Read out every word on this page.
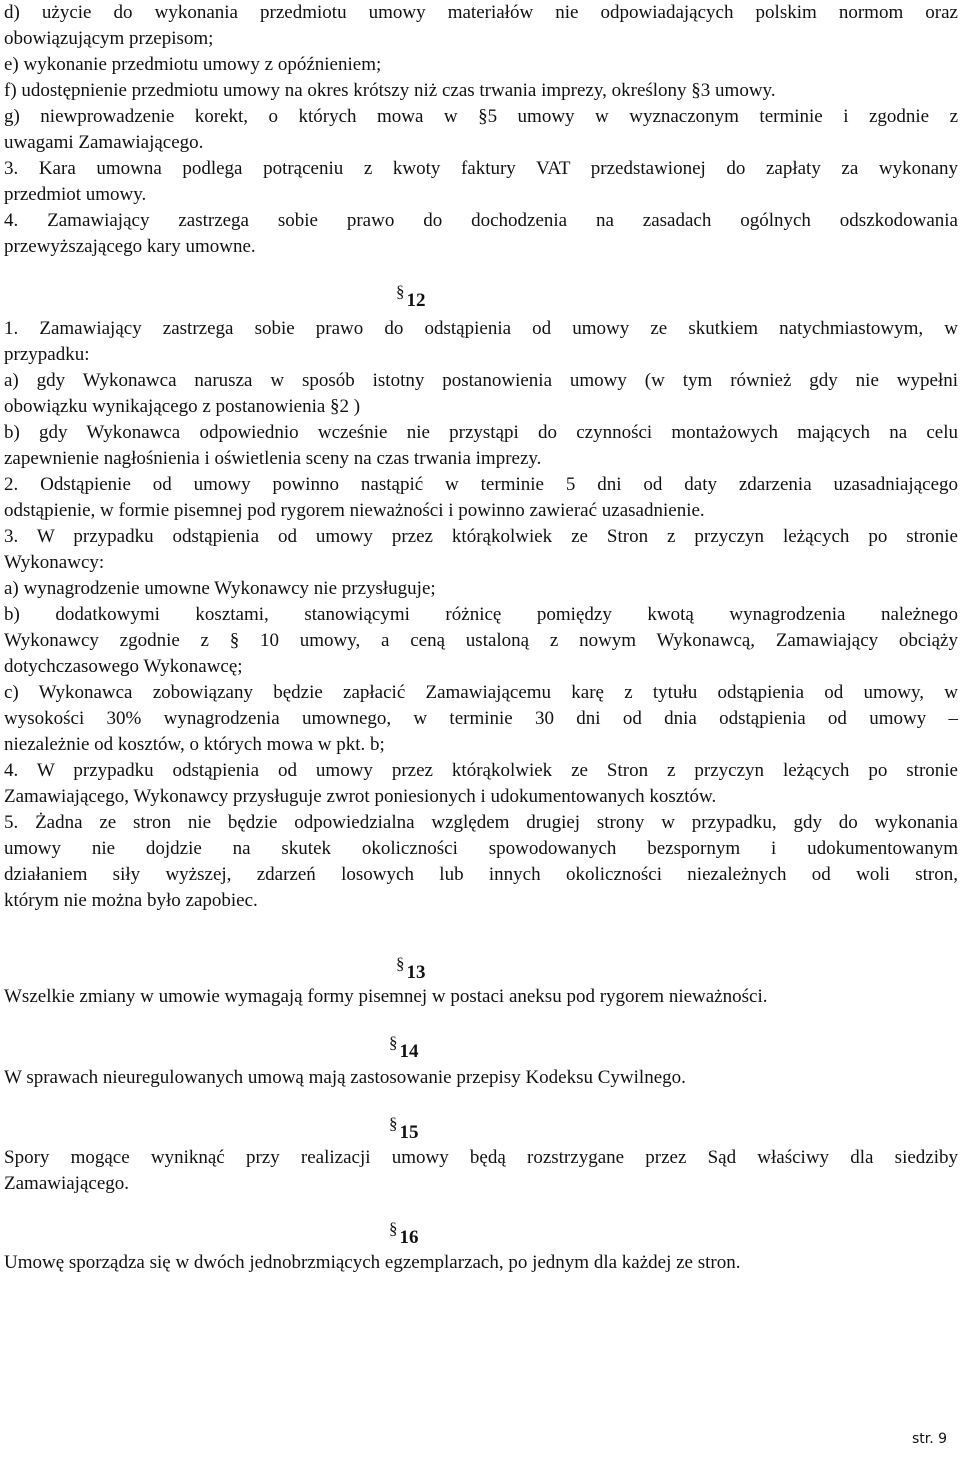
d) użycie do wykonania przedmiotu umowy materiałów nie odpowiadających polskim normom oraz
obowiązującym przepisom;
e) wykonanie przedmiotu umowy z opóźnieniem;
f) udostępnienie przedmiotu umowy na okres krótszy niż czas trwania imprezy, określony §3 umowy.
g) niewprowadzenie korekt, o których mowa w §5 umowy w wyznaczonym terminie i zgodnie z
uwagami Zamawiającego.
3. Kara umowna podlega potrąceniu z kwoty faktury VAT przedstawionej do zapłaty za wykonany
przedmiot umowy.
4. Zamawiający zastrzega sobie prawo do dochodzenia na zasadach ogólnych odszkodowania
przewyższającego kary umowne.
§ 12
1. Zamawiający zastrzega sobie prawo do odstąpienia od umowy ze skutkiem natychmiastowym, w
przypadku:
a) gdy Wykonawca narusza w sposób istotny postanowienia umowy (w tym również gdy nie wypełni
obowiązku wynikającego z postanowienia §2 )
b) gdy Wykonawca odpowiednio wcześnie nie przystąpi do czynności montażowych mających na celu
zapewnienie nagłośnienia i oświetlenia sceny na czas trwania imprezy.
2. Odstąpienie od umowy powinno nastąpić w terminie 5 dni od daty zdarzenia uzasadniającego
odstąpienie, w formie pisemnej pod rygorem nieważności i powinno zawierać uzasadnienie.
3. W przypadku odstąpienia od umowy przez którąkolwiek ze Stron z przyczyn leżących po stronie
Wykonawcy:
a) wynagrodzenie umowne Wykonawcy nie przysługuje;
b) dodatkowymi kosztami, stanowiącymi różnicę pomiędzy kwotą wynagrodzenia należnego
Wykonawcy zgodnie z § 10 umowy, a ceną ustaloną z nowym Wykonawcą, Zamawiający obciąży
dotychczasowego Wykonawcę;
c) Wykonawca zobowiązany będzie zapłacić Zamawiającemu karę z tytułu odstąpienia od umowy, w
wysokości 30% wynagrodzenia umownego, w terminie 30 dni od dnia odstąpienia od umowy –
niezależnie od kosztów, o których mowa w pkt. b;
4. W przypadku odstąpienia od umowy przez którąkolwiek ze Stron z przyczyn leżących po stronie
Zamawiającego, Wykonawcy przysługuje zwrot poniesionych i udokumentowanych kosztów.
5. Żadna ze stron nie będzie odpowiedzialna względem drugiej strony w przypadku, gdy do wykonania
umowy nie dojdzie na skutek okoliczności spowodowanych bezspornym i udokumentowanym
działaniem siły wyższej, zdarzeń losowych lub innych okoliczności niezależnych od woli stron,
którym nie można było zapobiec.
§ 13
Wszelkie zmiany w umowie wymagają formy pisemnej w postaci aneksu pod rygorem nieważności.
§ 14
W sprawach nieuregulowanych umową mają zastosowanie przepisy Kodeksu Cywilnego.
§ 15
Spory mogące wyniknąć przy realizacji umowy będą rozstrzygane przez Sąd właściwy dla siedziby
Zamawiającego.
§ 16
Umowę sporządza się w dwóch jednobrzmiących egzemplarzach, po jednym dla każdej ze stron.
str. 9
